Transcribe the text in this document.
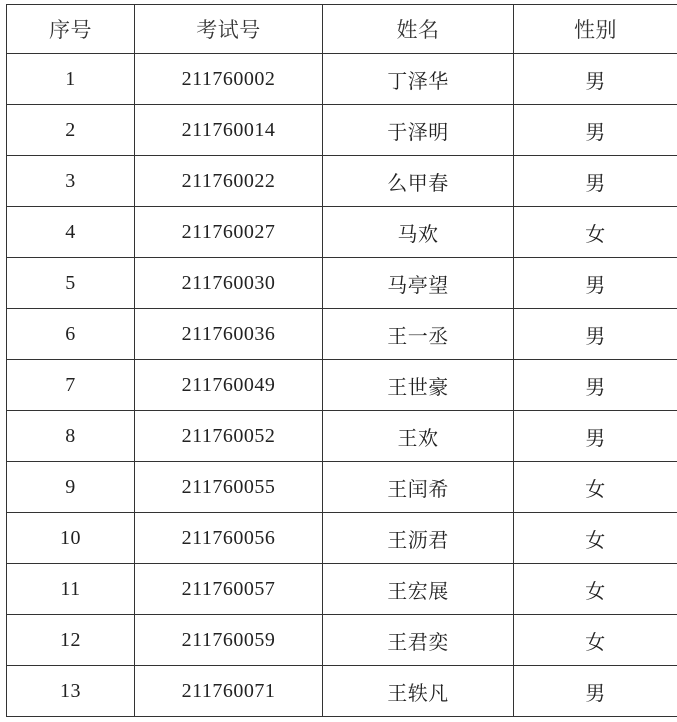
序号	考试号	姓名	性别
1	211760002	丁泽华	男
2	211760014	于泽明	男
3	211760022	么甲春	男
4	211760027	马欢	女
5	211760030	马亭望	男
6	211760036	王一丞	男
7	211760049	王世豪	男
8	211760052	王欢	男
9	211760055	王闰希	女
10	211760056	王沥君	女
11	211760057	王宏展	女
12	211760059	王君奕	女
13	211760071	王轶凡	男
